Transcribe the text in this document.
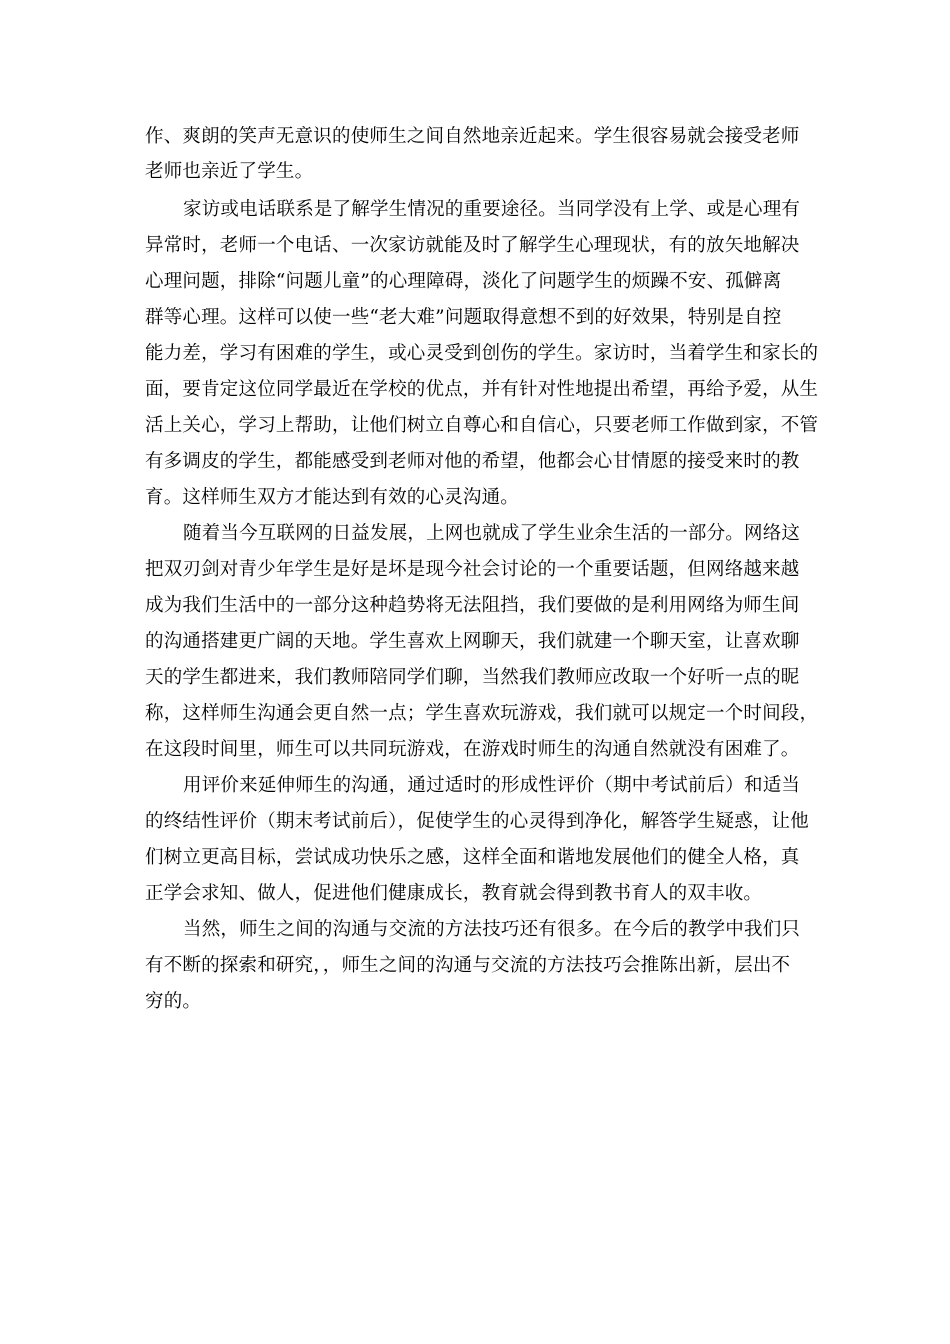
作、爽朗的笑声无意识的使师生之间自然地亲近起来。学生很容易就会接受老师
老师也亲近了学生。
家访或电话联系是了解学生情况的重要途径。当同学没有上学、或是心理有
异常时，老师一个电话、一次家访就能及时了解学生心理现状，有的放矢地解决
心理问题，排除“问题儿童”的心理障碍，淡化了问题学生的烦躁不安、孤僻离
群等心理。这样可以使一些“老大难”问题取得意想不到的好效果，特别是自控
能力差，学习有困难的学生，或心灵受到创伤的学生。家访时，当着学生和家长的
面，要肯定这位同学最近在学校的优点，并有针对性地提出希望，再给予爱，从生
活上关心，学习上帮助，让他们树立自尊心和自信心，只要老师工作做到家，不管
有多调皮的学生，都能感受到老师对他的希望，他都会心甘情愿的接受来时的教
育。这样师生双方才能达到有效的心灵沟通。
随着当今互联网的日益发展，上网也就成了学生业余生活的一部分。网络这
把双刃剑对青少年学生是好是坏是现今社会讨论的一个重要话题，但网络越来越
成为我们生活中的一部分这种趋势将无法阻挡，我们要做的是利用网络为师生间
的沟通搭建更广阔的天地。学生喜欢上网聊天，我们就建一个聊天室，让喜欢聊
天的学生都进来，我们教师陪同学们聊，当然我们教师应改取一个好听一点的昵
称，这样师生沟通会更自然一点；学生喜欢玩游戏，我们就可以规定一个时间段，
在这段时间里，师生可以共同玩游戏，在游戏时师生的沟通自然就没有困难了。
用评价来延伸师生的沟通，通过适时的形成性评价（期中考试前后）和适当
的终结性评价（期末考试前后），促使学生的心灵得到净化，解答学生疑惑，让他
们树立更高目标，尝试成功快乐之感，这样全面和谐地发展他们的健全人格，真
正学会求知、做人，促进他们健康成长，教育就会得到教书育人的双丰收。
当然，师生之间的沟通与交流的方法技巧还有很多。在今后的教学中我们只
有不断的探索和研究，，师生之间的沟通与交流的方法技巧会推陈出新，层出不
穷的。
